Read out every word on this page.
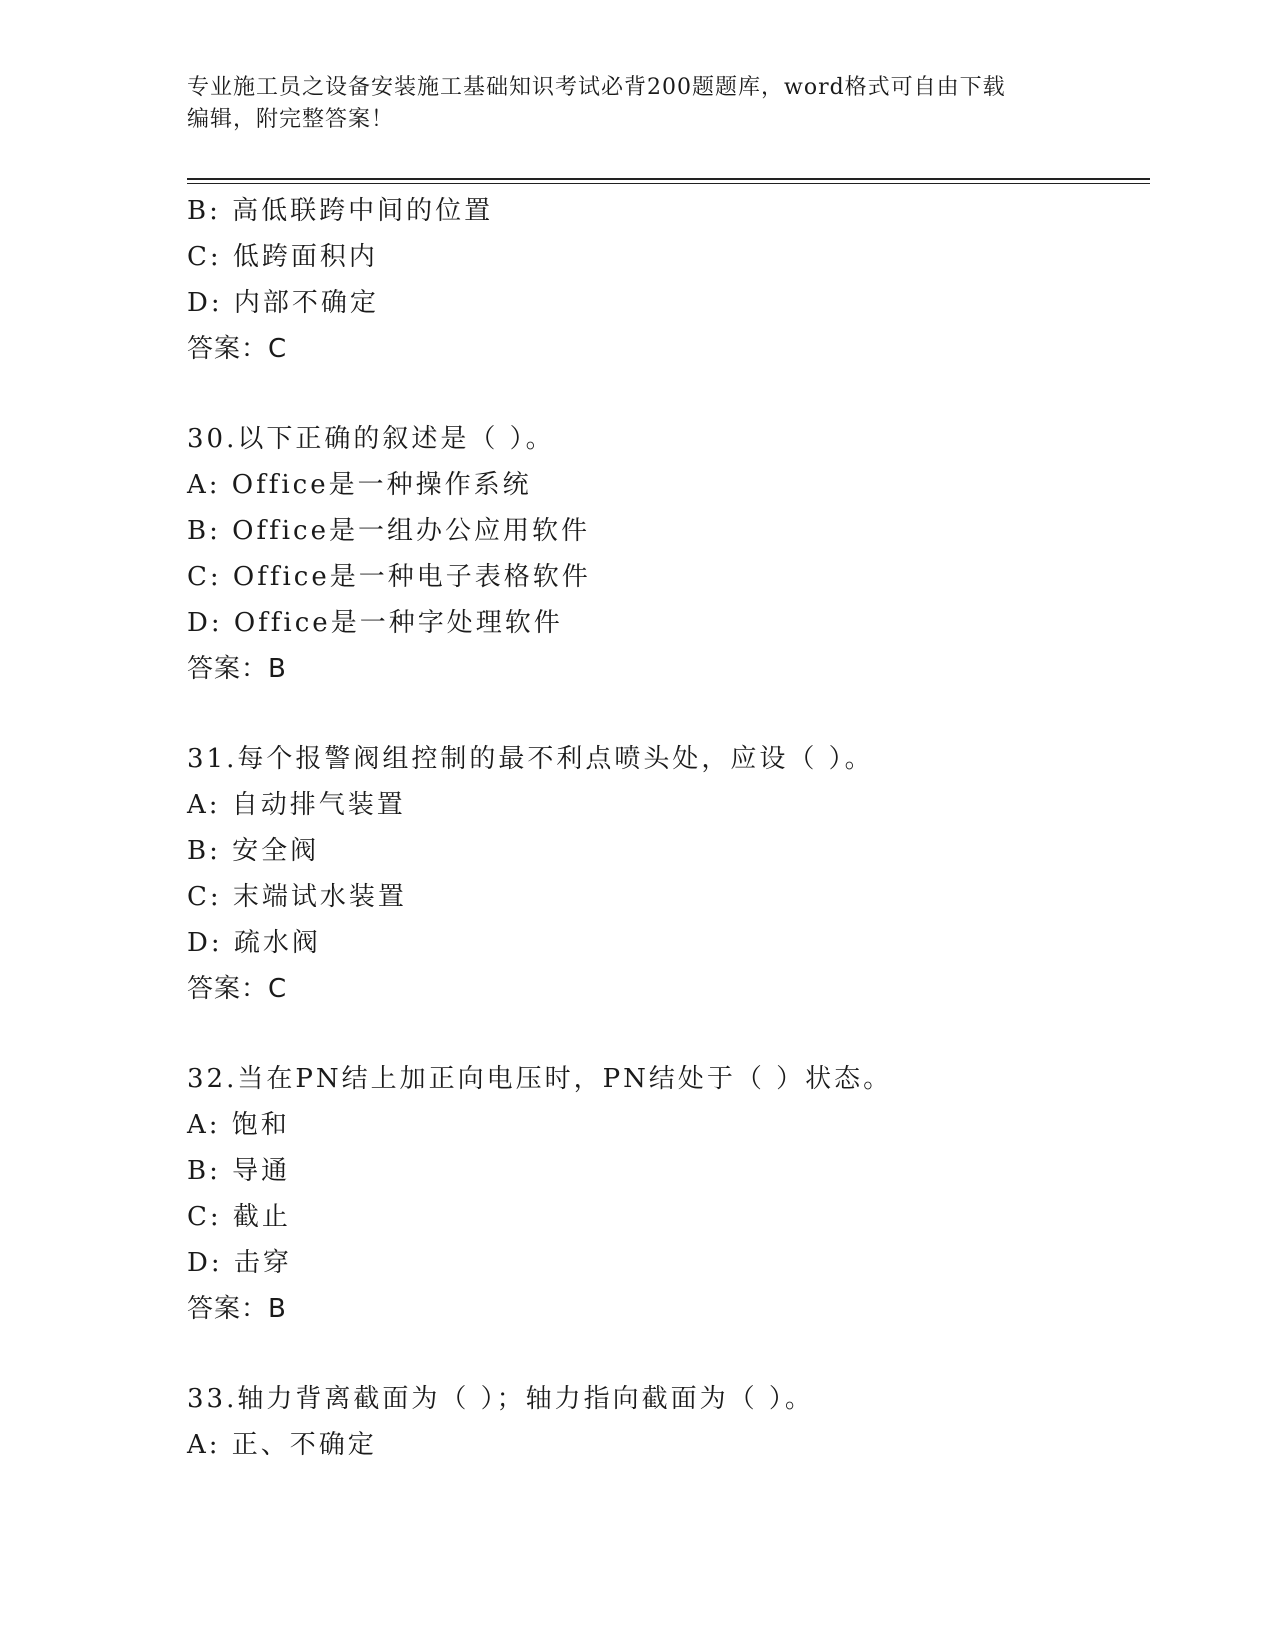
专业施工员之设备安装施工基础知识考试必背200题题库，word格式可自由下载
编辑，附完整答案！
B: 高低联跨中间的位置
C: 低跨面积内
D: 内部不确定
答案：C
30.以下正确的叙述是（ ）。
A: Office是一种操作系统
B: Office是一组办公应用软件
C: Office是一种电子表格软件
D: Office是一种字处理软件
答案：B
31.每个报警阀组控制的最不利点喷头处，应设（ ）。
A: 自动排气装置
B: 安全阀
C: 末端试水装置
D: 疏水阀
答案：C
32.当在PN结上加正向电压时，PN结处于（ ）状态。
A: 饱和
B: 导通
C: 截止
D: 击穿
答案：B
33.轴力背离截面为（ ）；轴力指向截面为（ ）。
A: 正、不确定
